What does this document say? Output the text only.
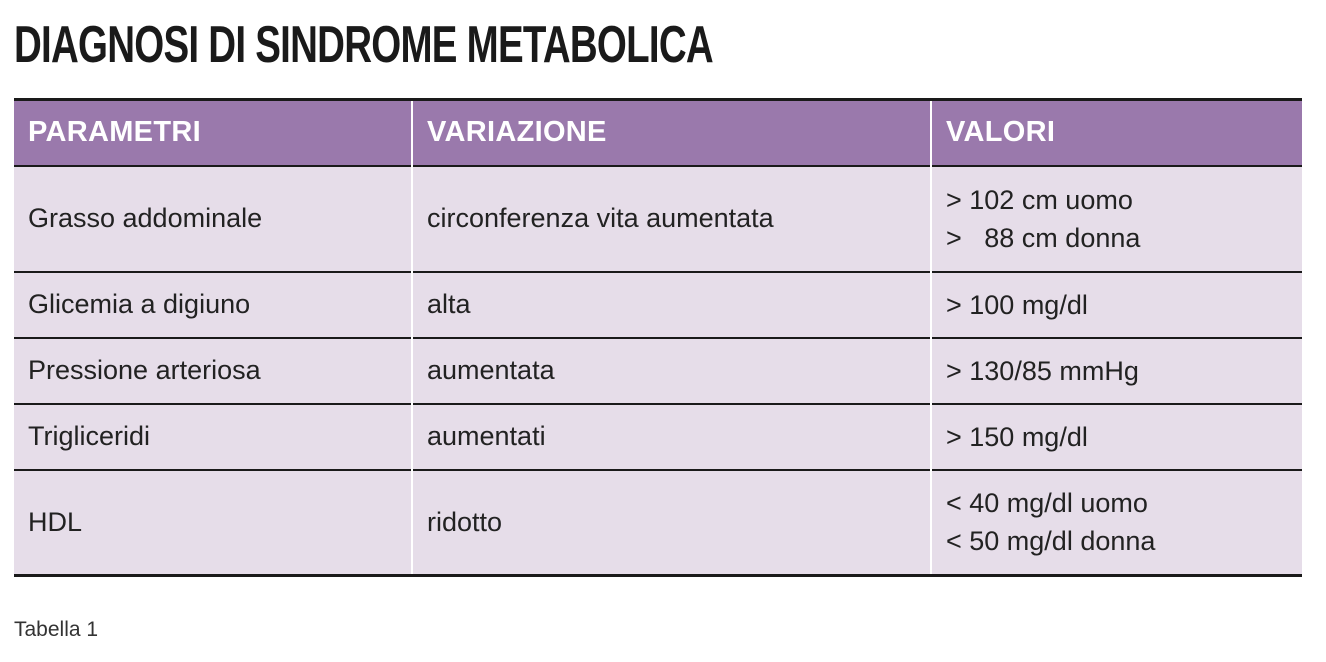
DIAGNOSI DI SINDROME METABOLICA
PARAMETRI	VARIAZIONE	VALORI
Grasso addominale	circonferenza vita aumentata	> 102 cm uomo
>   88 cm donna

Glicemia a digiuno	alta	> 100 mg/dl

Pressione arteriosa	aumentata	> 130/85 mmHg

Trigliceridi	aumentati	> 150 mg/dl

HDL	ridotto	< 40 mg/dl uomo
< 50 mg/dl donna

Tabella 1
